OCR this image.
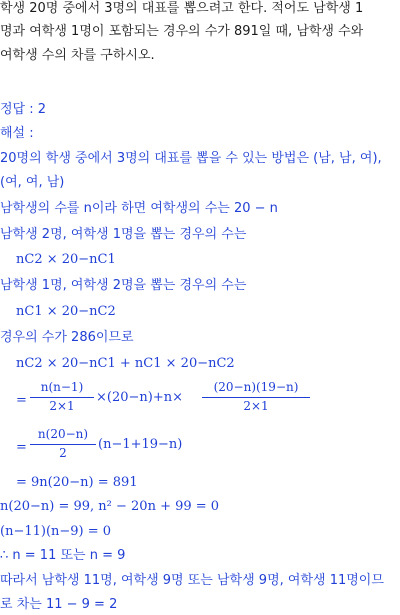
학생 20명 중에서 3명의 대표를 뽑으려고 한다. 적어도 남학생 1
명과 여학생 1명이 포함되는 경우의 수가 891일 때, 남학생 수와
여학생 수의 차를 구하시오.
정답 : 2
해설 :
20명의 학생 중에서 3명의 대표를 뽑을 수 있는 방법은 (남, 남, 여),
(여, 여, 남)
남학생의 수를 n이라 하면 여학생의 수는 20 − n
남학생 2명, 여학생 1명을 뽑는 경우의 수는
nC2 × 20−nC1
남학생 1명, 여학생 2명을 뽑는 경우의 수는
nC1 × 20−nC2
경우의 수가 286이므로
nC2 × 20−nC1 + nC1 × 20−nC2
=
n(n−1)
2×1
×(20−n)+n×
(20−n)(19−n)
2×1
=
n(20−n)
2
(n−1+19−n)
= 9n(20−n) = 891
n(20−n) = 99, n² − 20n + 99 = 0
(n−11)(n−9) = 0
∴ n = 11 또는 n = 9
따라서 남학생 11명, 여학생 9명 또는 남학생 9명, 여학생 11명이므
로 차는 11 − 9 = 2
